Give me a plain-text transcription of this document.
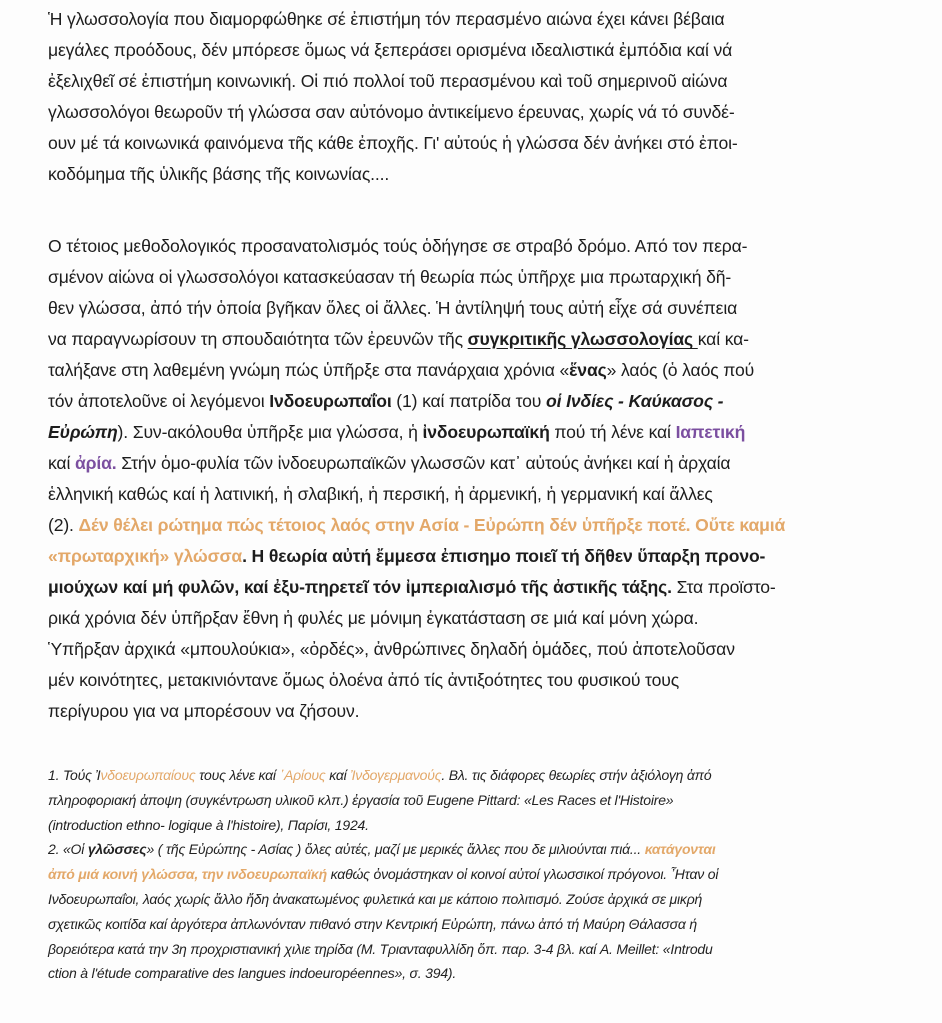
Ἡ γλωσσολογία που διαμορφώθηκε σέ ἐπιστήμη τόν περασμένο αιώνα έχει κάνει βέβαια
μεγάλες προόδους, δέν μπόρεσε ὅμως νά ξεπεράσει ορισμένα ιδεαλιστικά ἐμπόδια καί νά
ἐξελιχθεῖ σέ ἐπιστήμη κοινωνική. Οἱ πιό πολλοί τοῦ περασμένου καὶ τοῦ σημερινοῦ αἰώνα
γλωσσολόγοι θεωροῦν τή γλώσσα σαν αὐτόνομο ἀντικείμενο έρευνας, χωρίς νά τό συνδέ-
ουν μέ τά κοινωνικά φαινόμενα τῆς κάθε ἐποχῆς. Γι' αὐτούς ἡ γλώσσα δέν ἀνήκει στό ἐποι-
κοδόμημα τῆς ὑλικῆς βάσης τῆς κοινωνίας....
Ο τέτοιος μεθοδολογικός προσανατολισμός τούς ὁδήγησε σε στραβό δρόμο. Από τον περα-
σμένον αἰώνα οἱ γλωσσολόγοι κατασκεύασαν τή θεωρία πώς ὑπῆρχε μια πρωταρχική δῆ-
θεν γλώσσα, ἀπό τήν ὁποία βγῆκαν ὅλες οἱ ἄλλες. Ἡ ἀντίληψή τους αὐτή εἶχε σά συνέπεια
να παραγνωρίσουν τη σπουδαιότητα τῶν ἐρευνῶν τῆς συγκριτικῆς γλωσσολογίας καί κα-
ταλήξανε στη λαθεμένη γνώμη πώς ὑπῆρξε στα πανάρχαια χρόνια «ἕνας» λαός (ὁ λαός πού
τόν ἀποτελοῦνε οἱ λεγόμενοι Ινδοευρωπαΐοι (1) καί πατρίδα του οἱ Ινδίες - Καύκασος -
Εὐρώπη). Συν-ακόλουθα ὑπῆρξε μια γλώσσα, ἡ ἰνδοευρωπαϊκή πού τή λένε καί Ιαπετική
καί ἀρία. Στήν ὁμο-φυλία τῶν ἰνδοευρωπαϊκῶν γλωσσῶν κατ᾿ αὐτούς ἀνήκει καί ἡ ἀρχαία
ἑλληνική καθώς καί ἡ λατινική, ἡ σλαβική, ἡ περσική, ἡ ἀρμενική, ἡ γερμανική καί ἄλλες
(2). Δέν θέλει ρώτημα πώς τέτοιος λαός στην Ασία - Εὐρώπη δέν ὑπῆρξε ποτέ. Οὔτε καμιά
«πρωταρχική» γλώσσα. Η θεωρία αὐτή ἔμμεσα ἐπισημο ποιεῖ τή δῆθεν ὕπαρξη προνο-
μιούχων καί μή φυλῶν, καί ἐξυ-πηρετεῖ τόν ἰμπεριαλισμό τῆς ἀστικῆς τάξης. Στα προϊστο-
ρικά χρόνια δέν ὑπῆρξαν ἔθνη ἡ φυλές με μόνιμη ἐγκατάσταση σε μιά καί μόνη χώρα.
Ὑπῆρξαν ἀρχικά «μπουλούκια», «ὀρδές», ἀνθρώπινες δηλαδή ὁμάδες, πού ἀποτελοῦσαν
μέν κοινότητες, μετακινιόντανε ὅμως ὁλοένα ἀπό τίς ἀντιξοότητες του φυσικού τους
περίγυρου για να μπορέσουν να ζήσουν.
1. Τούς Ἰνδοευρωπαίους τους λένε καί ῾Αρίους καί Ἰνδογερμανούς. Βλ. τις διάφορες θεωρίες στήν ἀξιόλογη ἀπό
πληροφοριακή ἀποψη (συγκέντρωση υλικοῦ κλπ.) ἐργασία τοῦ Eugene Pittard: «Les Races et l'Histoire»
(introduction ethno- logique à l'histoire), Παρίσι, 1924.
2. «Οἱ γλῶσσες» ( τῆς Εὐρώπης - Ασίας ) ὅλες αὐτές, μαζί με μερικές ἄλλες που δε μιλιούνται πιά... κατάγονται
ἀπό μιά κοινή γλώσσα, την ινδοευρωπαϊκή καθώς ὀνομάστηκαν οἱ κοινοί αὐτοί γλωσσικοί πρόγονοι. Ἦταν οἱ
Ινδοευρωπαΐοι, λαός χωρίς ἄλλο ἤδη ἀνακατωμένος φυλετικά και με κάποιο πολιτισμό. Ζούσε ἀρχικά σε μικρή
σχετικῶς κοιτίδα καί ἀργότερα ἀπλωνόνταν πιθανό στην Κεντρική Εὐρώπη, πάνω ἀπό τή Μαύρη Θάλασσα ή
βορειότερα κατά την 3η προχριστιανική χιλιε τηρίδα (Μ. Τριανταφυλλίδη ὅπ. παρ. 3-4 βλ. καί A. Meillet: «Introdu
ction à l'étude comparative des langues indoeuropéennes», σ. 394).
